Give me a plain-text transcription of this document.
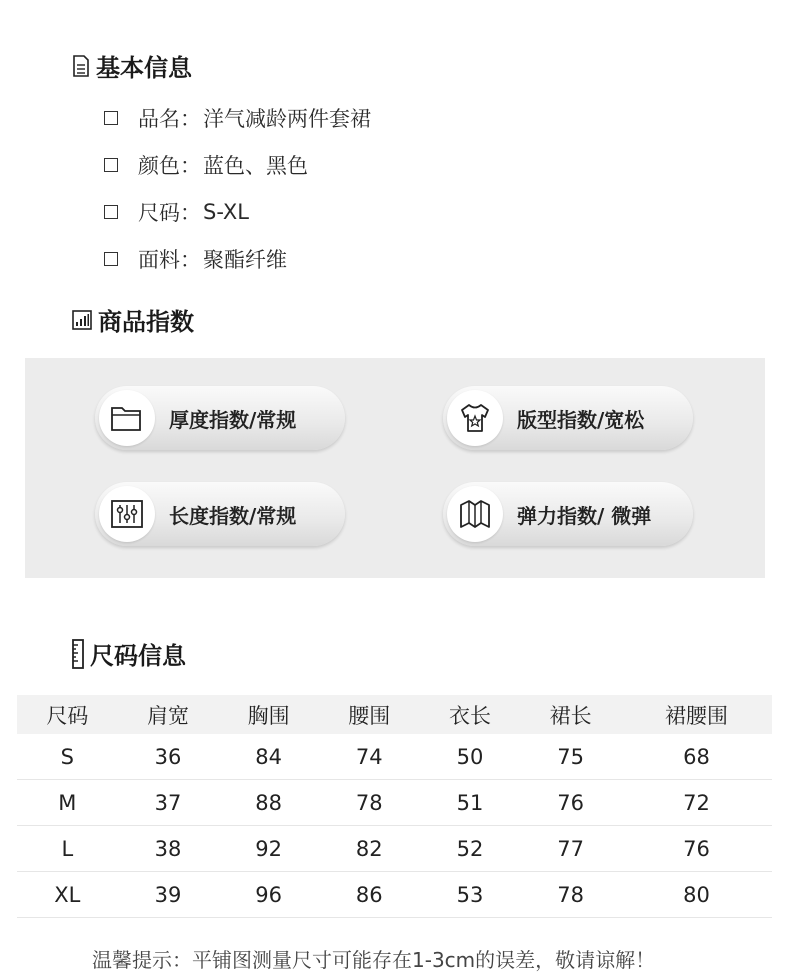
基本信息
品名： 洋气减龄两件套裙
颜色： 蓝色、黑色
尺码： S-XL
面料： 聚酯纤维
商品指数
厚度指数/常规	版型指数/宽松
长度指数/常规	弹力指数/ 微弹
尺码信息
尺码	肩宽	胸围	腰围	衣长	裙长	裙腰围
S	36	84	74	50	75	68
M	37	88	78	51	76	72
L	38	92	82	52	77	76
XL	39	96	86	53	78	80
温馨提示：平铺图测量尺寸可能存在1-3cm的误差，敬请谅解！
